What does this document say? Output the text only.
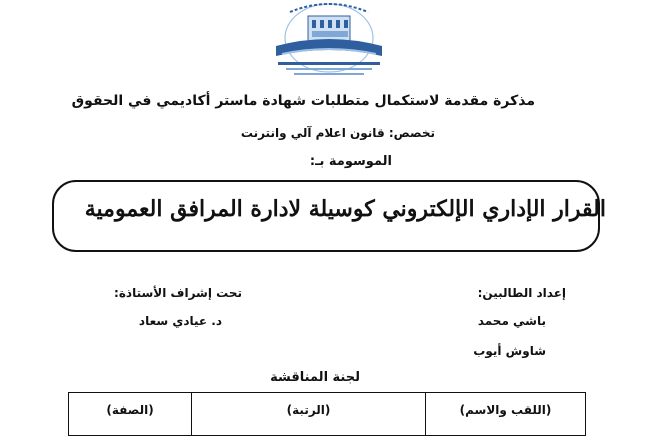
مذكرة مقدمة لاستكمال متطلبات شهادة ماستر أكاديمي في الحقوق
تخصص: قانون اعلام آلي وانترنت
الموسومة بـ:
القرار الإداري الإلكتروني كوسيلة لادارة المرافق العمومية
إعداد الطالبين:
باشي محمد
شاوش أيوب
تحت إشراف الأستاذة:
د. عيادي سعاد
لجنة المناقشة
(اللقب والاسم)	(الرتبة)	(الصفة)
